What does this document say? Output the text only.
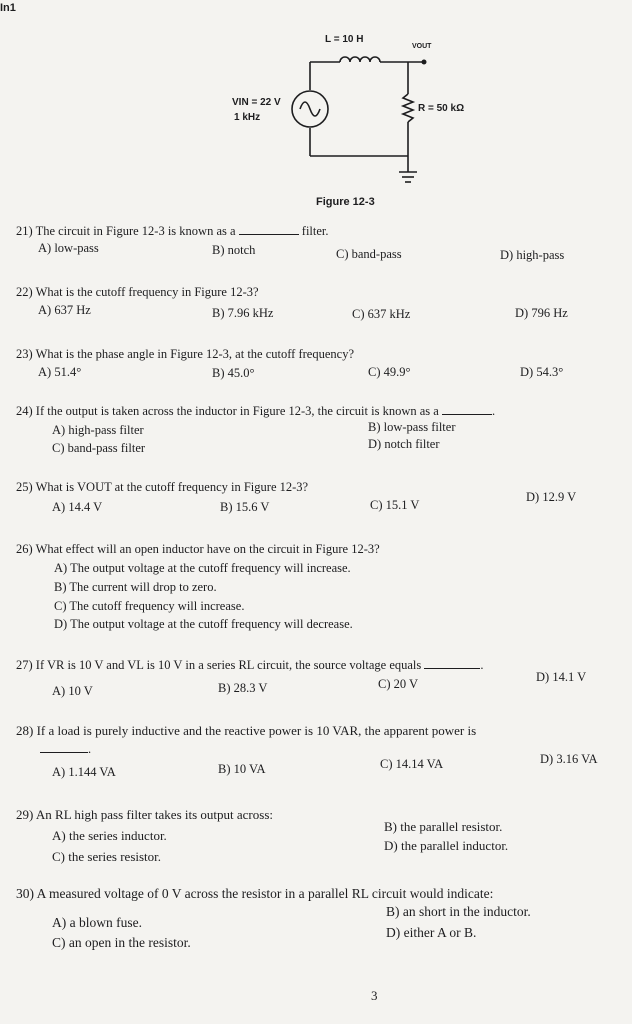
In1
L = 10 H
VOUT
VIN = 22 V
1 kHz
R = 50 kΩ
Figure 12-3
21) The circuit in Figure 12-3 is known as a	filter.
A) low-pass	B) notch	C) band-pass	D) high-pass
22) What is the cutoff frequency in Figure 12-3?
A) 637 Hz	B) 7.96 kHz	C) 637 kHz	D) 796 Hz
23) What is the phase angle in Figure 12-3, at the cutoff frequency?
A) 51.4°	B) 45.0°	C) 49.9°	D) 54.3°
24) If the output is taken across the inductor in Figure 12-3, the circuit is known as a	.
A) high-pass filter	B) low-pass filter
C) band-pass filter	D) notch filter
25) What is VOUT at the cutoff frequency in Figure 12-3?
A) 14.4 V	B) 15.6 V	C) 15.1 V
D) 12.9 V
26) What effect will an open inductor have on the circuit in Figure 12-3?
A) The output voltage at the cutoff frequency will increase.
B) The current will drop to zero.
C) The cutoff frequency will increase.
D) The output voltage at the cutoff frequency will decrease.
27) If VR is 10 V and VL is 10 V in a series RL circuit, the source voltage equals	.
A) 10 V	B) 28.3 V	C) 20 V	D) 14.1 V
28) If a load is purely inductive and the reactive power is 10 VAR, the apparent power is
.
A) 1.144 VA	B) 10 VA	C) 14.14 VA	D) 3.16 VA
29) An RL high pass filter takes its output across:
A) the series inductor.
B) the parallel resistor.
C) the series resistor.
D) the parallel inductor.
30) A measured voltage of 0 V across the resistor in a parallel RL circuit would indicate:
A) a blown fuse.
B) an short in the inductor.
C) an open in the resistor.
D) either A or B.
3
